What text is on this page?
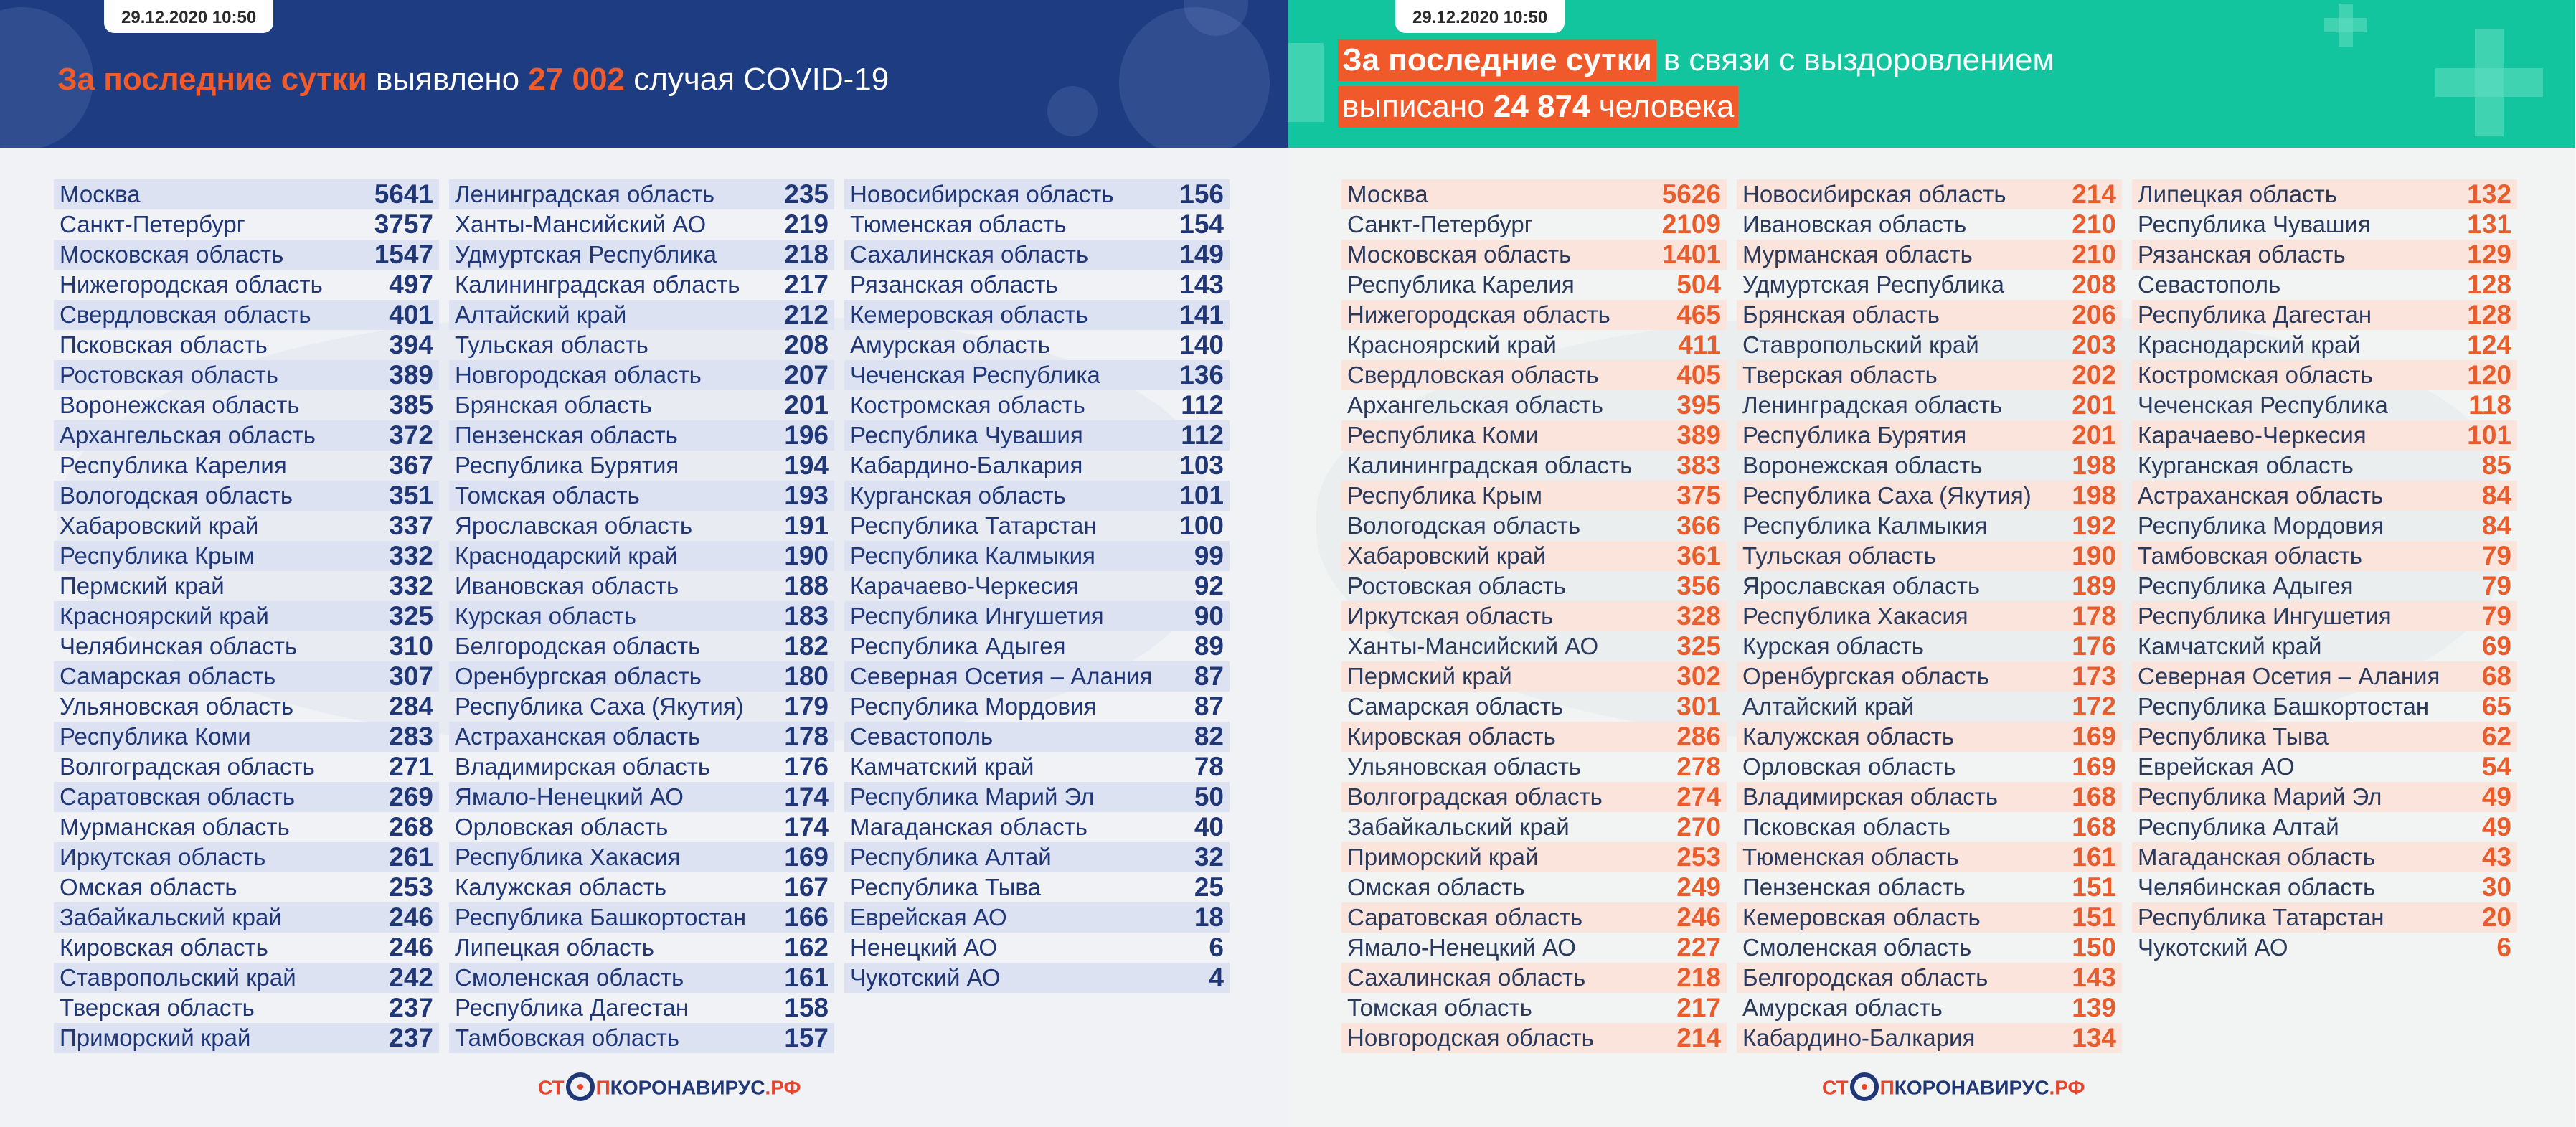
29.12.2020 10:50
За последние сутки выявлено 27 002 случая COVID-19
Москва	5641
Санкт-Петербург	3757
Московская область	1547
Нижегородская область	497
Свердловская область	401
Псковская область	394
Ростовская область	389
Воронежская область	385
Архангельская область	372
Республика Карелия	367
Вологодская область	351
Хабаровский край	337
Республика Крым	332
Пермский край	332
Красноярский край	325
Челябинская область	310
Самарская область	307
Ульяновская область	284
Республика Коми	283
Волгоградская область	271
Саратовская область	269
Мурманская область	268
Иркутская область	261
Омская область	253
Забайкальский край	246
Кировская область	246
Ставропольский край	242
Тверская область	237
Приморский край	237
Ленинградская область	235
Ханты-Мансийский АО	219
Удмуртская Республика	218
Калининградская область	217
Алтайский край	212
Тульская область	208
Новгородская область	207
Брянская область	201
Пензенская область	196
Республика Бурятия	194
Томская область	193
Ярославская область	191
Краснодарский край	190
Ивановская область	188
Курская область	183
Белгородская область	182
Оренбургская область	180
Республика Саха (Якутия)	179
Астраханская область	178
Владимирская область	176
Ямало-Ненецкий АО	174
Орловская область	174
Республика Хакасия	169
Калужская область	167
Республика Башкортостан	166
Липецкая область	162
Смоленская область	161
Республика Дагестан	158
Тамбовская область	157
Новосибирская область	156
Тюменская область	154
Сахалинская область	149
Рязанская область	143
Кемеровская область	141
Амурская область	140
Чеченская Республика	136
Костромская область	112
Республика Чувашия	112
Кабардино-Балкария	103
Курганская область	101
Республика Татарстан	100
Республика Калмыкия	99
Карачаево-Черкесия	92
Республика Ингушетия	90
Республика Адыгея	89
Северная Осетия – Алания	87
Республика Мордовия	87
Севастополь	82
Камчатский край	78
Республика Марий Эл	50
Магаданская область	40
Республика Алтай	32
Республика Тыва	25
Еврейская АО	18
Ненецкий АО	6
Чукотский АО	4
СТ ПКОРОНАВИРУС.РФ
29.12.2020 10:50
За последние сутки в связи с выздоровлением
выписано 24 874 человека
Москва	5626
Санкт-Петербург	2109
Московская область	1401
Республика Карелия	504
Нижегородская область	465
Красноярский край	411
Свердловская область	405
Архангельская область	395
Республика Коми	389
Калининградская область	383
Республика Крым	375
Вологодская область	366
Хабаровский край	361
Ростовская область	356
Иркутская область	328
Ханты-Мансийский АО	325
Пермский край	302
Самарская область	301
Кировская область	286
Ульяновская область	278
Волгоградская область	274
Забайкальский край	270
Приморский край	253
Омская область	249
Саратовская область	246
Ямало-Ненецкий АО	227
Сахалинская область	218
Томская область	217
Новгородская область	214
Новосибирская область	214
Ивановская область	210
Мурманская область	210
Удмуртская Республика	208
Брянская область	206
Ставропольский край	203
Тверская область	202
Ленинградская область	201
Республика Бурятия	201
Воронежская область	198
Республика Саха (Якутия)	198
Республика Калмыкия	192
Тульская область	190
Ярославская область	189
Республика Хакасия	178
Курская область	176
Оренбургская область	173
Алтайский край	172
Калужская область	169
Орловская область	169
Владимирская область	168
Псковская область	168
Тюменская область	161
Пензенская область	151
Кемеровская область	151
Смоленская область	150
Белгородская область	143
Амурская область	139
Кабардино-Балкария	134
Липецкая область	132
Республика Чувашия	131
Рязанская область	129
Севастополь	128
Республика Дагестан	128
Краснодарский край	124
Костромская область	120
Чеченская Республика	118
Карачаево-Черкесия	101
Курганская область	85
Астраханская область	84
Республика Мордовия	84
Тамбовская область	79
Республика Адыгея	79
Республика Ингушетия	79
Камчатский край	69
Северная Осетия – Алания	68
Республика Башкортостан	65
Республика Тыва	62
Еврейская АО	54
Республика Марий Эл	49
Республика Алтай	49
Магаданская область	43
Челябинская область	30
Республика Татарстан	20
Чукотский АО	6
СТ ПКОРОНАВИРУС.РФ
